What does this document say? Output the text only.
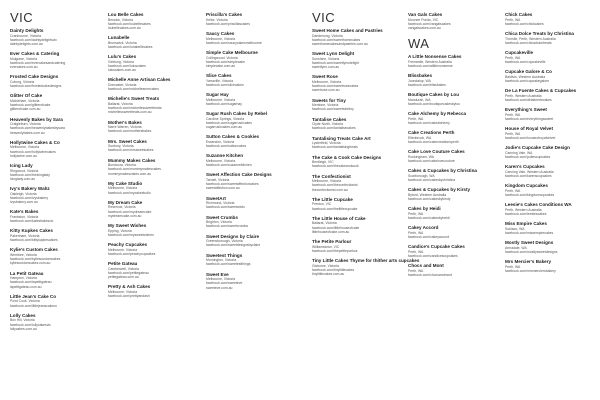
VIC
Dainty Delights
Cranbourne, Victoria
facebook.com/daintydelightsvic
daintydelights.com.au
Ever Cakes & Catering
Mulgrave, Victoria
facebook.com/evercakesandcatering
evercakes.com.au
Frosted Cake Designs
Coburg, Victoria
facebook.com/frostedcakedesigns
Glitter Of Cake
Mickleham, Victoria
facebook.com/glitterofcake
glitterofcake.com.au
Heavenly Bakes by Sara
Craigieburn, Victoria
facebook.com/heavenlybakesbysara
heavenlybakes.com.au
Hollytwine Cakes & Co
Melbourne, Victoria
facebook.com/hollytwinecakes
hollytwine.com.au
Icing Lady
Ringwood, Victoria
facebook.com/theicinglady
icinglady.com.au
Ivy's Bakery Wahz
Oakleigh, Victoria
facebook.com/ivysbakery
ivysbakery.com.au
Kate's Bakes
Frankston, Victoria
facebook.com/katesbakesvic
Kitty Kupkes Cakes
Pakenham, Victoria
facebook.com/kittykupkescakes
Kylie's Custom Cakes
Werribee, Victoria
facebook.com/kyliescustomcakes
kyliescustomcakes.com.au
La Petit Gateau
Hampton, Victoria
facebook.com/lapetitgateau
lapetitgateau.com.au
Little Jean's Cake Co
Point Cook, Victoria
facebook.com/littlejeanscakeco
Lolly Cakes
Box Hill, Victoria
facebook.com/lollycakesvic
lollycakes.com.au
Lou Belle Cakes
Berwick, Victoria
facebook.com/loubellecakes
loubellecakes.com.au
Lunabelle
Brunswick, Victoria
facebook.com/lunabellecakes
Lulu's Cakes
Geelong, Victoria
facebook.com/luluscakes
luluscakes.com.au
Michelle Anne Artisan Cakes
Doncaster, Victoria
facebook.com/michelleannecakes
Michelle's Sweet Treats
Ballarat, Victoria
facebook.com/michellessweettreats
michellessweettreats.com.au
Mother's Bakes
Narre Warren, Victoria
facebook.com/mothersbakes
Mrs. Sweet Cakes
Sunbury, Victoria
facebook.com/mrssweetcakes
Mummy Makes Cakes
Bundoora, Victoria
facebook.com/mummymakescakes
mummymakescakes.com.au
My Cake Studio
Melbourne, Victoria
facebook.com/mycakestudio
My Dream Cake
Reservoir, Victoria
facebook.com/mydreamcake
mydreamcake.com.au
My Sweet Wishes
Epping, Victoria
facebook.com/mysweetwishes
Peachy Cupcakes
Melbourne, Victoria
facebook.com/peachycupcakes
Petite Gateau
Camberwell, Victoria
facebook.com/petitegateau
petitegateau.com.au
Pretty & Ash Cakes
Melbourne, Victoria
facebook.com/prettyandash
Priscilla's Cakes
Keilor, Victoria
facebook.com/priscillascakes
Saucy Cakes
Melbourne, Victoria
facebook.com/saucycakesmelbourne
Simple Cake Melbourne
Collingwood, Victoria
facebook.com/simplecake
simplecake.com.au
Slice Cakes
Yarraville, Victoria
facebook.com/slicecakes
Sugar Hay
Melbourne, Victoria
facebook.com/sugarhay
Sugar Rush Cakes by Rebel
Caroline Springs, Victoria
facebook.com/sugarrushcakes
sugarrushcakes.com.au
Sutton Cakes & Cookies
Essendon, Victoria
facebook.com/suttoncakes
Suzanne Kitchen
Melbourne, Victoria
facebook.com/suzannekitchen
Sweet Affection Cake Designs
Tarneit, Victoria
facebook.com/sweetaffectioncakes
sweetaffection.com.au
SweetArt
Richmond, Victoria
facebook.com/sweetartvic
Sweet Crumbs
Brighton, Victoria
facebook.com/sweetcrumbs
Sweet Designs by Claire
Greensborough, Victoria
facebook.com/sweetdesignsbyclaire
Sweetest Things
Mornington, Victoria
facebook.com/sweetestthings
Sweet Eve
Melbourne, Victoria
facebook.com/sweeteve
sweeteve.com.au
VIC
Sweet Home Cakes and Pastries
Dandenong, Victoria
facebook.com/sweethomecakes
sweethomecakesandpastries.com.au
Sweet Lynn Delight
Sunshine, Victoria
facebook.com/sweetlynndelight
sweetlynn.com.au
Sweet Rose
Melbourne, Victoria
facebook.com/sweetrosecakes
sweetrose.com.au
Sweets for Tiny
Mentone, Victoria
facebook.com/sweetsfortiny
Tantalise Cakes
Clyde North, Victoria
facebook.com/tantalisecakes
Tantalising Treats Cake Art
Lysterfield, Victoria
facebook.com/tantalisingtreats
The Cake & Cook Cake Designs
Bentleigh, VIC
facebook.com/thecakeandcook
The Confectionist
Melbourne, Victoria
facebook.com/theconfectionist
theconfectionist.com.au
The Little Cupcake
Preston, VIC
facebook.com/thelittlecupcake
The Little House of Cake
Ballarat, Victoria
facebook.com/littlehouseofcake
littlehouseofcake.com.au
The Petite Parlour
Williamstown, VIC
facebook.com/thepetiteparlour
Tiny Little Cakes Thyme for thither arts cupcakes
Gisborne, Victoria
facebook.com/tinylittlecakes
tinylittlecakes.com.au
Van Gals Cakes
Moonee Ponds, VIC
facebook.com/vangalscakes
vangalscakes.com.au
WA
A Little Nonsense Cakes
Fremantle, Western Australia
facebook.com/alittlenonsense
Blissbakes
Joondalup, WA
facebook.com/blissbakes
Boutique Cakes by Lou
Mandurah, WA
facebook.com/boutiquecakesbylou
Cake Alchemy by Rebecca
Perth, WA
facebook.com/cakealchemy
Cake Creations Perth
Ellenbrook, WA
facebook.com/cakecreationsperth
Cake Love Couture Cakes
Rockingham, WA
facebook.com/cakelovecouture
Cakes & Cupcakes by Christina
Scarborough, WA
facebook.com/cakesbychristina
Cakes & Cupcakes by Kirsty
Byford, Western Australia
facebook.com/cakesbykirsty
Cakes by Heidi
Perth, WA
facebook.com/cakesbyheidi
Cakey Accord
Perth, WA
facebook.com/cakeyaccord
Candice's Cupcake Cakes
Perth, WA
facebook.com/candicescupcakes
Chocs and Mont
Perth, WA
facebook.com/chocsandmont
Chick Cakes
Perth, WA
facebook.com/chickcakes
Chica Dolce Treats by Christina
Thornlie, Perth, Western Australia
facebook.com/chicadolcetreats
Cupcakeville
Perth, WA
facebook.com/cupcakeville
Cupcake Galore & Co
Baldivis, Western Australia
facebook.com/cupcakegalore
De La Fuente Cakes & Cupcakes
Perth, Western Australia
facebook.com/delafuentecakes
Everything's Sweet
Perth, WA
facebook.com/everythingssweet
House of Royal Velvet
Perth, WA
facebook.com/houseofroyalvelvet
Jodie's Cupcake Cake Design
Canning Vale, WA
facebook.com/jodiescupcakes
Karen's Cupcakes
Canning Vale, Western Australia
facebook.com/karenscupcakes
Kingdom Cupcakes
Perth, WA
facebook.com/kingdomcupcakes
Leesie's Cakes Conditions WA
Perth, Western Australia
facebook.com/leesiescakes
Miss Empire Cakes
Subiaco, WA
facebook.com/missempirecakes
Mostly Sweet Designs
Armadale, WA
facebook.com/mostlysweetdesigns
Mrs Mercier's Bakery
Perth, WA
facebook.com/mrsmerciersbakery
